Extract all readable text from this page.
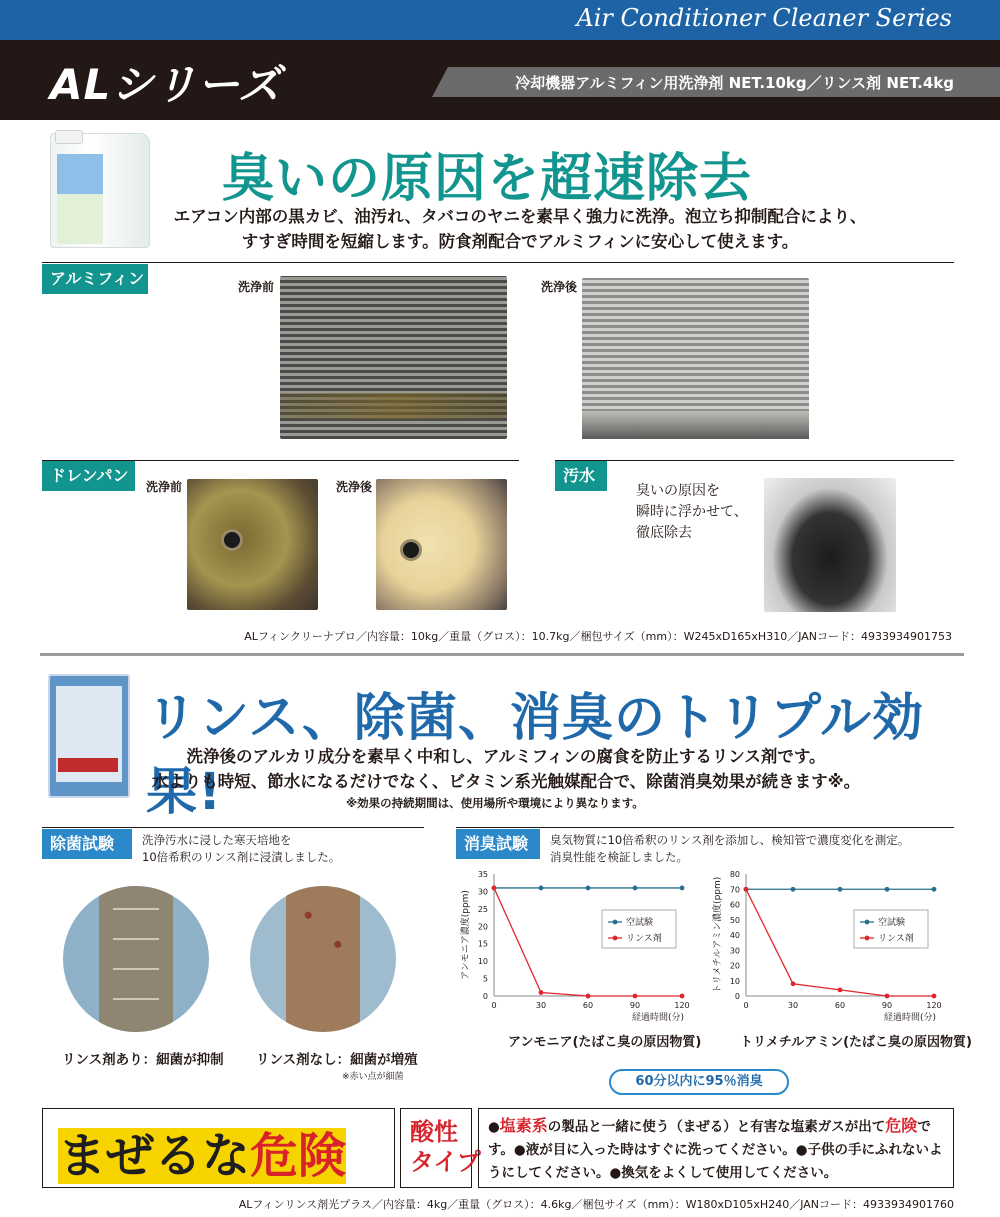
Air Conditioner Cleaner Series
ALシリーズ	冷却機器アルミフィン用洗浄剤 NET.10kg／リンス剤 NET.4kg
臭いの原因を超速除去
エアコン内部の黒カビ、油汚れ、タバコのヤニを素早く強力に洗浄。泡立ち抑制配合により、
すすぎ時間を短縮します。防食剤配合でアルミフィンに安心して使えます。
アルミフィン	洗浄前	洗浄後
ドレンパン
洗浄前	洗浄後
汚水
臭いの原因を
瞬時に浮かせて、
徹底除去
ALフィンクリーナプロ／内容量：10kg／重量（グロス）：10.7kg／梱包サイズ（mm）：W245xD165xH310／JANコード：4933934901753
リンス、除菌、消臭のトリプル効果!
洗浄後のアルカリ成分を素早く中和し、アルミフィンの腐食を防止するリンス剤です。
水よりも時短、節水になるだけでなく、ビタミン系光触媒配合で、除菌消臭効果が続きます※。
※効果の持続期間は、使用場所や環境により異なります。
除菌試験	洗浄汚水に浸した寒天培地を
10倍希釈のリンス剤に浸漬しました。
リンス剤あり：細菌が抑制 リンス剤なし：細菌が増殖
※赤い点が細菌
消臭試験	臭気物質に10倍希釈のリンス剤を添加し、検知管で濃度変化を測定。
消臭性能を検証しました。
0
5
10
15
20
25
30
35
0	30	60	90	120
経過時間(分)
アンモニア濃度(ppm)	空試験
リンス剤
0
10
20
30
40
50
60
70
80
0	30	60	90	120
経過時間(分)
トリメチルアミン濃度(ppm)	空試験
リンス剤
アンモニア(たばこ臭の原因物質)	トリメチルアミン(たばこ臭の原因物質)
60分以内に95％消臭
まぜるな危険	酸性
タイプ
●塩素系の製品と一緒に使う（まぜる）と有害な塩素ガスが出て危険です。●液が目に入った時はすぐに洗ってください。●子供の手にふれないようにしてください。●換気をよくして使用してください。
ALフィンリンス剤光プラス／内容量：4kg／重量（グロス）：4.6kg／梱包サイズ（mm）：W180xD105xH240／JANコード：4933934901760
